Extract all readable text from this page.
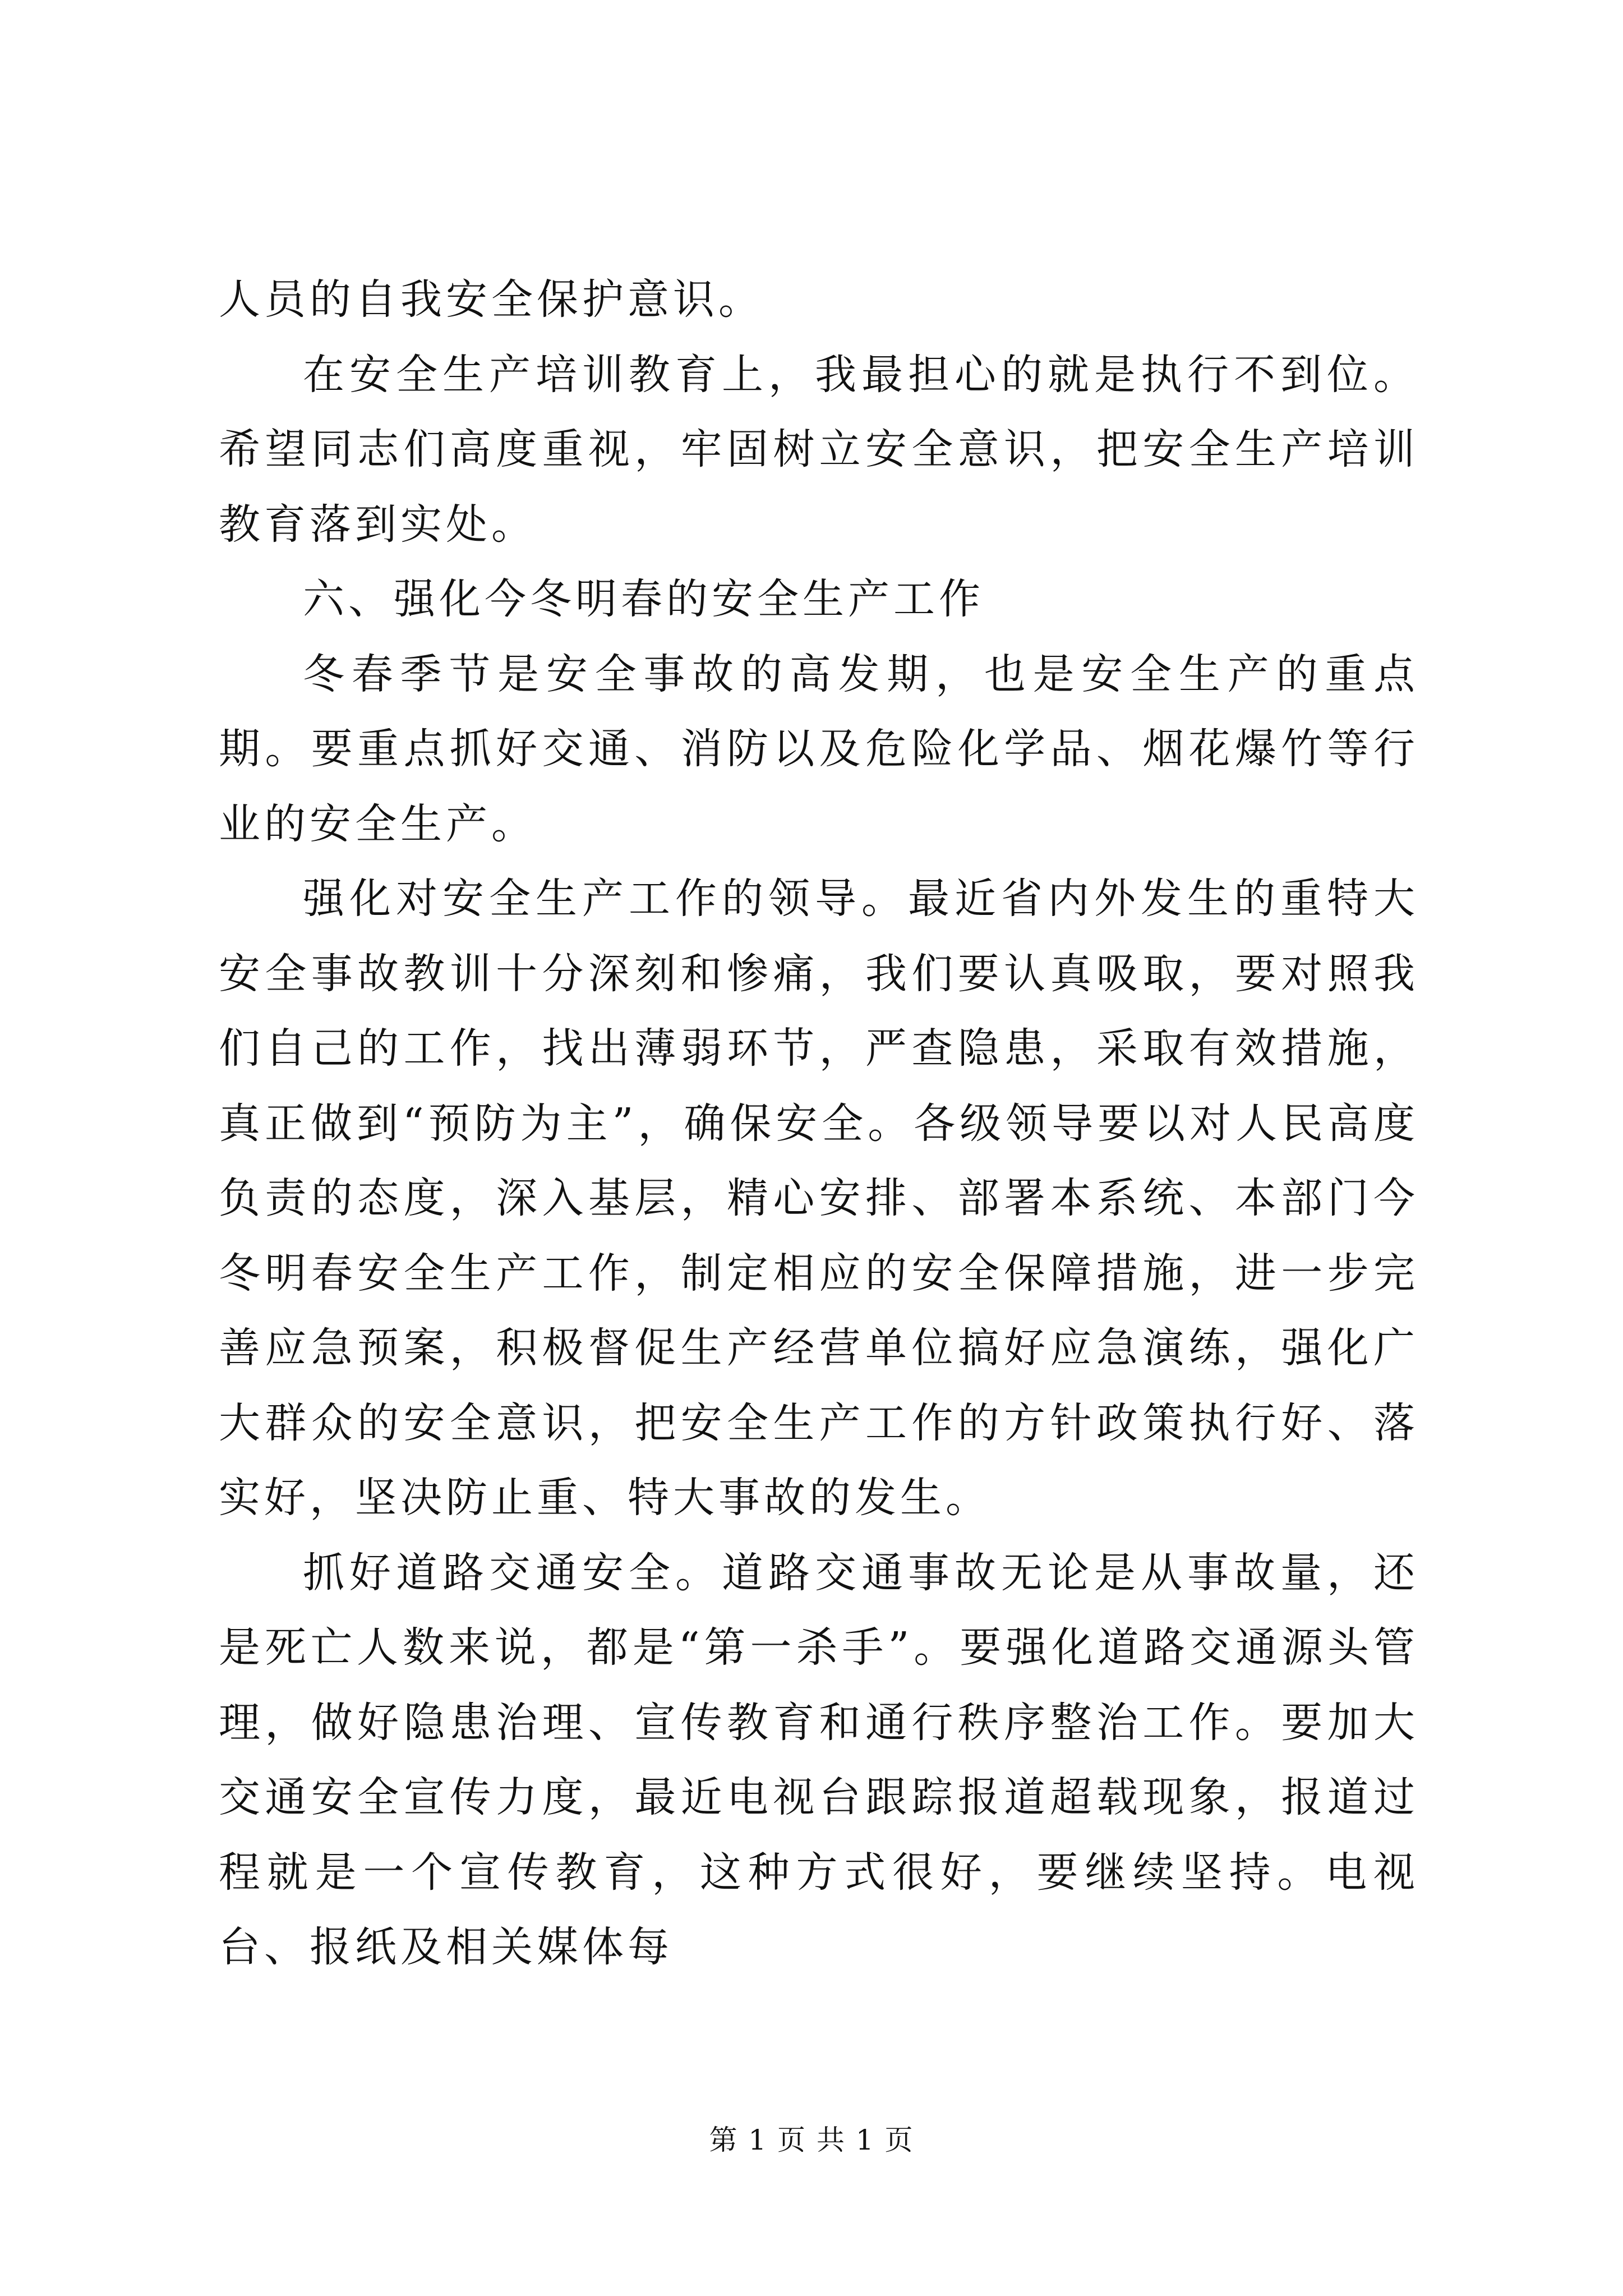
人员的自我安全保护意识。

在安全生产培训教育上，我最担心的就是执行不到位。希望同志们高度重视，牢固树立安全意识，把安全生产培训教育落到实处。

六、强化今冬明春的安全生产工作

冬春季节是安全事故的高发期，也是安全生产的重点期。要重点抓好交通、消防以及危险化学品、烟花爆竹等行业的安全生产。

强化对安全生产工作的领导。最近省内外发生的重特大安全事故教训十分深刻和惨痛，我们要认真吸取，要对照我们自己的工作，找出薄弱环节，严查隐患，采取有效措施，真正做到“预防为主”，确保安全。各级领导要以对人民高度负责的态度，深入基层，精心安排、部署本系统、本部门今冬明春安全生产工作，制定相应的安全保障措施，进一步完善应急预案，积极督促生产经营单位搞好应急演练，强化广大群众的安全意识，把安全生产工作的方针政策执行好、落实好，坚决防止重、特大事故的发生。

抓好道路交通安全。道路交通事故无论是从事故量，还是死亡人数来说，都是“第一杀手”。要强化道路交通源头管理，做好隐患治理、宣传教育和通行秩序整治工作。要加大交通安全宣传力度，最近电视台跟踪报道超载现象，报道过程就是一个宣传教育，这种方式很好，要继续坚持。电视台、报纸及相关媒体每

第 1 页 共 1 页
